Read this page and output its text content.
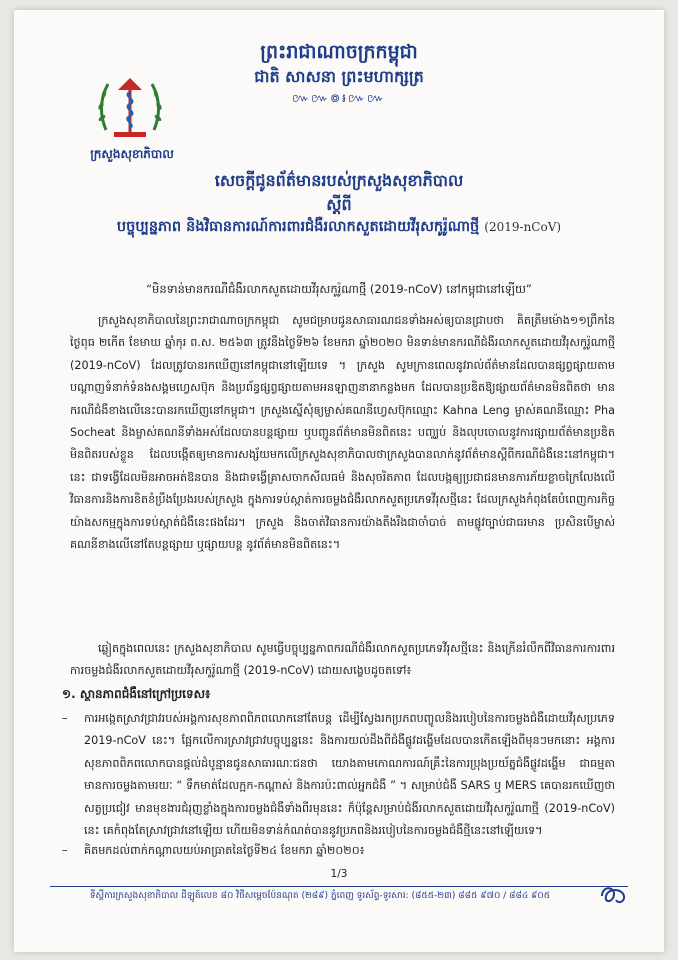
ព្រះរាជាណាចក្រកម្ពុជា
ជាតិ សាសនា ព្រះមហាក្សត្រ
៚៚៙៛៚៚
ក្រសួងសុខាភិបាល
សេចក្តីជូនព័ត៌មានរបស់ក្រសួងសុខាភិបាល
ស្តីពី
បច្ចុប្បន្នភាព និងវិធានការណ៍ការពារជំងឺរលាកសួតដោយវីរុសកូរ៉ូណាថ្មី (2019-nCoV)
“មិនទាន់មានករណីជំងឺរលាកសួតដោយវីរុសកូរ៉ូណាថ្មី (2019-nCoV) នៅកម្ពុជានៅឡើយ”
ក្រសួងសុខាភិបាលនៃព្រះរាជាណាចក្រកម្ពុជា សូមជម្រាបជូនសាធារណជនទាំងអស់ឲ្យបានជ្រាបថា គិតត្រឹមម៉ោង១១ព្រឹកនៃថ្ងៃពុធ ២កើត ខែមាឃ ឆ្នាំកុរ ព.ស. ២៥៦៣ ត្រូវនឹងថ្ងៃទី២៦ ខែមករា ឆ្នាំ២០២០ មិនទាន់មានករណីជំងឺរលាកសួតដោយវីរុសកូរ៉ូណាថ្មី (2019-nCoV) ដែលត្រូវបានរកឃើញនៅកម្ពុជានៅឡើយទេ ។ ក្រសួង សូមក្រានពេលនូវរាល់ព័ត៌មានដែលបានផ្សព្វផ្សាយតាមបណ្តាញទំនាក់ទំនងសង្គមហ្វេសប៊ុក និងប្រព័ន្ធផ្សព្វផ្សាយតាមអនឡាញនានាកន្លងមក ដែលបានប្រឌិតឱ្យផ្សាយព័ត៌មានមិនពិតថា មានករណីជំងឺខាងលើនេះបានរកឃើញនៅកម្ពុជា។ ក្រសួងស្នើសុំឲ្យម្ចាស់គណនីហ្វេសប៊ុកឈ្មោះ Kahna Leng ម្ចាស់គណនីឈ្មោះ Pha Socheat និងម្ចាស់គណនីទាំងអស់ដែលបានបន្តផ្សាយ ឬបញ្ជូនព័ត៌មានមិនពិតនេះ បញ្ឈប់ និងលុបចោលនូវការផ្សាយព័ត៌មានប្រឌិតមិនពិតរបស់ខ្លួន ដែលបង្កើតឲ្យមានការសង្ស័យមកលើក្រសួងសុខាភិបាលថាក្រសួងបានលាក់នូវព័ត៌មានស្តីពីករណីជំងឺនេះនៅកម្ពុជា។ នេះ ជាទង្វើដែលមិនអាចអត់ឱនបាន និងជាទង្វើគ្រាសចាកសីលធម៌ និងសុចរិតភាព ដែលបង្កឲ្យប្រជាជនមានការភ័យខ្លាចក្រៃលែងលើវិធានការនិងការខិតខំប្រឹងប្រែងរបស់ក្រសួង ក្នុងការទប់ស្កាត់ការចម្លងជំងឺរលាកសួតប្រភេទវីរុសថ្មីនេះ ដែលក្រសួងកំពុងតែបំពេញការកិច្ចយ៉ាងសកម្មក្នុងការទប់ស្កាត់ជំងឺនេះផងដែរ។ ក្រសួង និងចាត់វិធានការយ៉ាងតឹងរឹងជាចាំបាច់ តាមផ្លូវច្បាប់ជាធរមាន ប្រសិនបើម្ចាស់គណនីខាងលើនៅតែបន្តផ្សាយ ឬផ្សាយបន្ត នូវព័ត៌មានមិនពិតនេះ។
ឆ្លៀតក្នុងពេលនេះ ក្រសួងសុខាភិបាល សូមធ្វើបច្ចុប្បន្នភាពករណីជំងឺរលាកសួតប្រភេទវីរុសថ្មីនេះ និងក្រើនរំលឹកពីវិធានការការពារការចម្លងជំងឺរលាកសួតដោយវីរុសកូរ៉ូណាថ្មី (2019-nCoV) ដោយសង្ខេបដូចតទៅ៖
១. ស្ថានភាពជំងឺនៅក្រៅប្រទេស៖
–	ការអង្កេតស្រាវជ្រាវរបស់អង្គការសុខភាពពិភពលោកនៅតែបន្ត ដើម្បីស្វែងរកប្រភពបញ្ចូលនិងរបៀបនៃការចម្លងជំងឺដោយវីរុសប្រភេទ 2019-nCoV នេះ។ ផ្អែកលើការស្រាវជ្រាវបច្ចុប្បន្ននេះ និងការយល់ដឹងពីជំងឺផ្លូវដង្ហើមដែលបានកើតឡើងពីមុនៗមកនោះ អង្គការសុខភាពពិភពលោកបានផ្តល់ដំបូន្មានជូនសាធារណៈជនថា យោងតាមកោណការណ៍គ្រឹះនៃការប្រុងប្រយ័ត្នជំងឺផ្លូវដង្ហើម ជាធម្មតា មានការចម្លងតាមរយៈ “ ទឹកមាត់ដែលក្អក-កណ្តាស់ និងការប៉ះពាល់អ្នកជំងឺ ” ។ សម្រាប់ជំងឺ SARS ឬ MERS គេបានរកឃើញថា សត្វប្រជៀវ មានមុខងារជំរុញខ្លាំងក្នុងការចម្លងជំងឺទាំងពីរមុននេះ ក៏ប៉ុន្តែសម្រាប់ជំងឺរលាកសួតដោយវីរុសកូរ៉ូណាថ្មី (2019-nCoV) នេះ គេកំពុងតែស្រាវជ្រាវនៅឡើយ ហើយមិនទាន់កំណត់បាននូវប្រភពនិងរបៀបនៃការចម្លងជំងឺថ្មីនេះនៅឡើយទេ។
–	គិតមកដល់ពាក់កណ្តាលយប់អាធ្រាតនៃថ្ងៃទី២៤ ខែមករា ឆ្នាំ២០២០៖
1/3
ទីស្តីការក្រសួងសុខាភិបាល ដីឡូត៍លេខ ៨០ វិថីសម្តេចប៉ែនណុត (២៨៩) ភ្នំពេញ ទូរស័ព្ទ-ទូរសារ: (៨៥៥-២៣) ៨៨៥ ៩៧០ / ៨៨៤ ៩០៥
